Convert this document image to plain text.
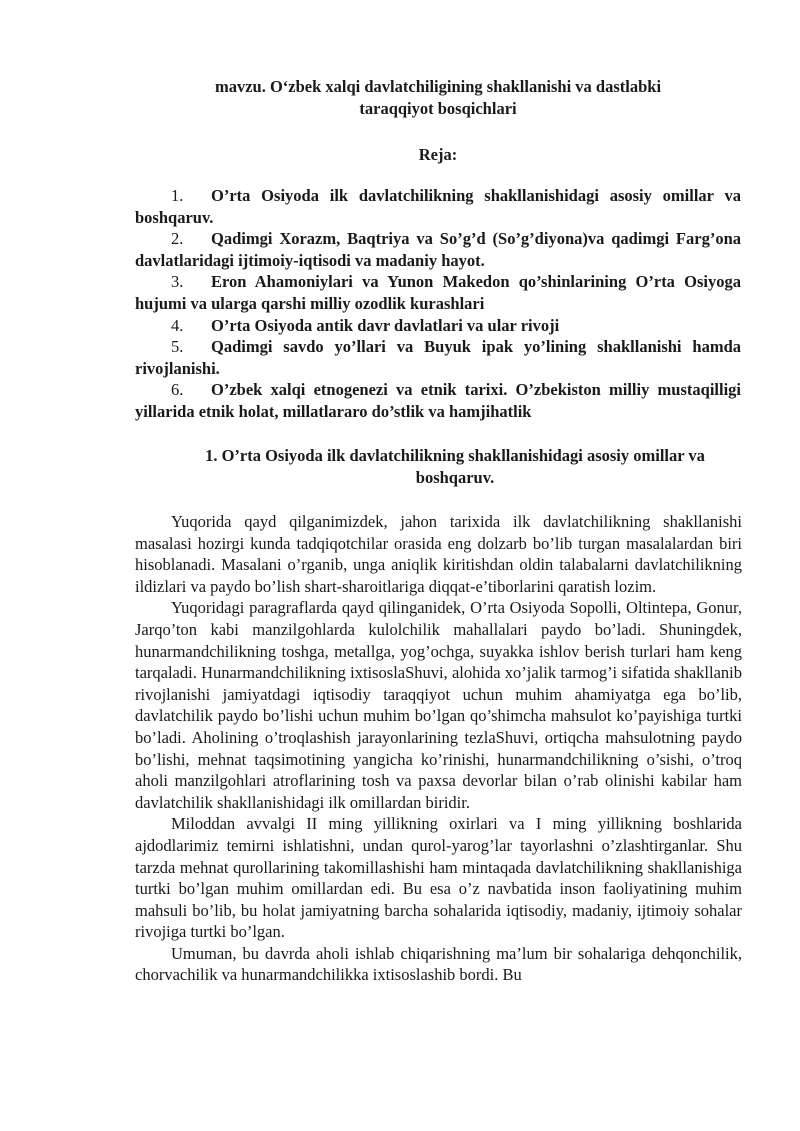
mavzu. O‘zbek xalqi davlatchiligining shakllanishi va dastlabki
taraqqiyot bosqichlari
Reja:

1. O’rta Osiyoda ilk davlatchilikning shakllanishidagi asosiy omillar va boshqaruv.

2. Qadimgi Xorazm, Baqtriya va So’g’d (So’g’diyona)va qadimgi Farg’ona davlatlaridagi ijtimoiy-iqtisodi va madaniy hayot.

3. Eron Ahamoniylari va Yunon Makedon qo’shinlarining O’rta Osiyoga hujumi va ularga qarshi milliy ozodlik kurashlari

4. O’rta Osiyoda antik davr davlatlari va ular rivoji

5. Qadimgi savdo yo’llari va Buyuk ipak yo’lining shakllanishi hamda rivojlanishi.

6. O’zbek xalqi etnogenezi va etnik tarixi. O’zbekiston milliy mustaqilligi yillarida etnik holat, millatlararo do’stlik va hamjihatlik

1. O’rta Osiyoda ilk davlatchilikning shakllanishidagi asosiy omillar va
boshqaruv.

Yuqorida qayd qilganimizdek, jahon tarixida ilk davlatchilikning shakllanishi masalasi hozirgi kunda tadqiqotchilar orasida eng dolzarb bo’lib turgan masalalardan biri hisoblanadi. Masalani o’rganib, unga aniqlik kiritishdan oldin talabalarni davlatchilikning ildizlari va paydo bo’lish shart-sharoitlariga diqqat-e’tiborlarini qaratish lozim.

Yuqoridagi paragraflarda qayd qilinganidek, O’rta Osiyoda Sopolli, Oltintepa, Gonur, Jarqo’ton kabi manzilgohlarda kulolchilik mahallalari paydo bo’ladi. Shuningdek, hunarmandchilikning toshga, metallga, yog’ochga, suyakka ishlov berish turlari ham keng tarqaladi. Hunarmandchilikning ixtisoslaShuvi, alohida xo’jalik tarmog’i sifatida shakllanib rivojlanishi jamiyatdagi iqtisodiy taraqqiyot uchun muhim ahamiyatga ega bo’lib, davlatchilik paydo bo’lishi uchun muhim bo’lgan qo’shimcha mahsulot ko’payishiga turtki bo’ladi. Aholining o’troqlashish jarayonlarining tezlaShuvi, ortiqcha mahsulotning paydo bo’lishi, mehnat taqsimotining yangicha ko’rinishi, hunarmandchilikning o’sishi, o’troq aholi manzilgohlari atroflarining tosh va paxsa devorlar bilan o’rab olinishi kabilar ham davlatchilik shakllanishidagi ilk omillardan biridir.

Miloddan avvalgi II ming yillikning oxirlari va I ming yillikning boshlarida ajdodlarimiz temirni ishlatishni, undan qurol-yarog’lar tayorlashni o’zlashtirganlar. Shu tarzda mehnat qurollarining takomillashishi ham mintaqada davlatchilikning shakllanishiga turtki bo’lgan muhim omillardan edi. Bu esa o’z navbatida inson faoliyatining muhim mahsuli bo’lib, bu holat jamiyatning barcha sohalarida iqtisodiy, madaniy, ijtimoiy sohalar rivojiga turtki bo’lgan.

Umuman, bu davrda aholi ishlab chiqarishning ma’lum bir sohalariga dehqonchilik, chorvachilik va hunarmandchilikka ixtisoslashib bordi. Bu
